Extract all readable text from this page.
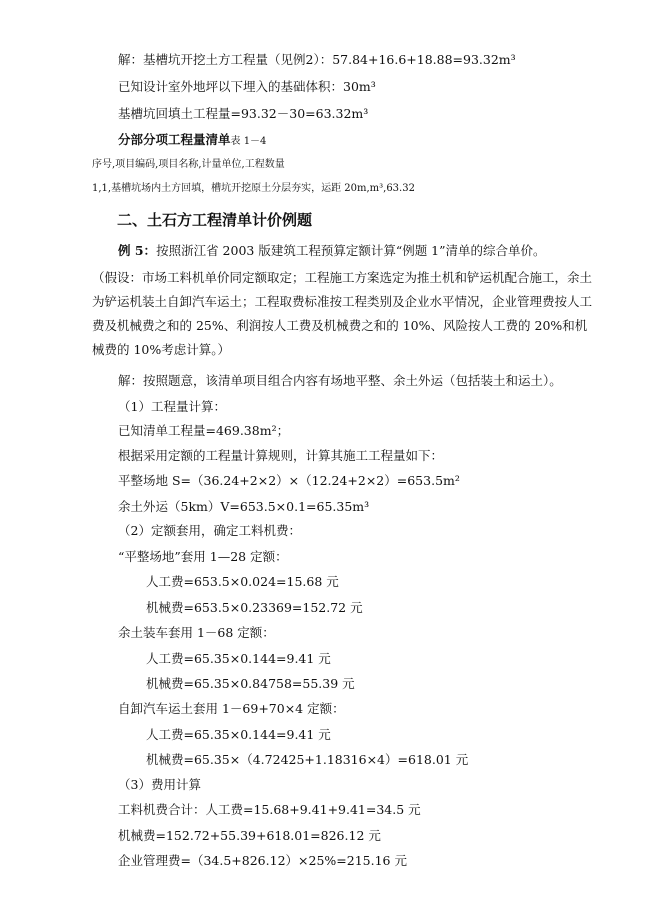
解：基槽坑开挖土方工程量（见例2）：57.84+16.6+18.88=93.32m³
已知设计室外地坪以下埋入的基础体积：30m³
基槽坑回填土工程量=93.32－30=63.32m³
分部分项工程量清单表 1－4
序号,项目编码,项目名称,计量单位,工程数量
1,1,基槽坑场内土方回填，槽坑开挖原土分层夯实，运距 20m,m³,63.32
二、土石方工程清单计价例题
例 5：按照浙江省 2003 版建筑工程预算定额计算“例题 1”清单的综合单价。
（假设：市场工料机单价同定额取定；工程施工方案选定为推土机和铲运机配合施工，余土为铲运机装土自卸汽车运土；工程取费标准按工程类别及企业水平情况，企业管理费按人工费及机械费之和的 25%、利润按人工费及机械费之和的 10%、风险按人工费的 20%和机械费的 10%考虑计算。）
解：按照题意，该清单项目组合内容有场地平整、余土外运（包括装土和运土）。
（1）工程量计算：
已知清单工程量=469.38m²；
根据采用定额的工程量计算规则，计算其施工工程量如下：
平整场地 S=（36.24+2×2）×（12.24+2×2）=653.5m²
余土外运（5km）V=653.5×0.1=65.35m³
（2）定额套用，确定工料机费：
“平整场地”套用 1—28 定额：
人工费=653.5×0.024=15.68 元
机械费=653.5×0.23369=152.72 元
余土装车套用 1－68 定额：
人工费=65.35×0.144=9.41 元
机械费=65.35×0.84758=55.39 元
自卸汽车运土套用 1－69+70×4 定额：
人工费=65.35×0.144=9.41 元
机械费=65.35×（4.72425+1.18316×4）=618.01 元
（3）费用计算
工料机费合计：人工费=15.68+9.41+9.41=34.5 元
机械费=152.72+55.39+618.01=826.12 元
企业管理费=（34.5+826.12）×25%=215.16 元
